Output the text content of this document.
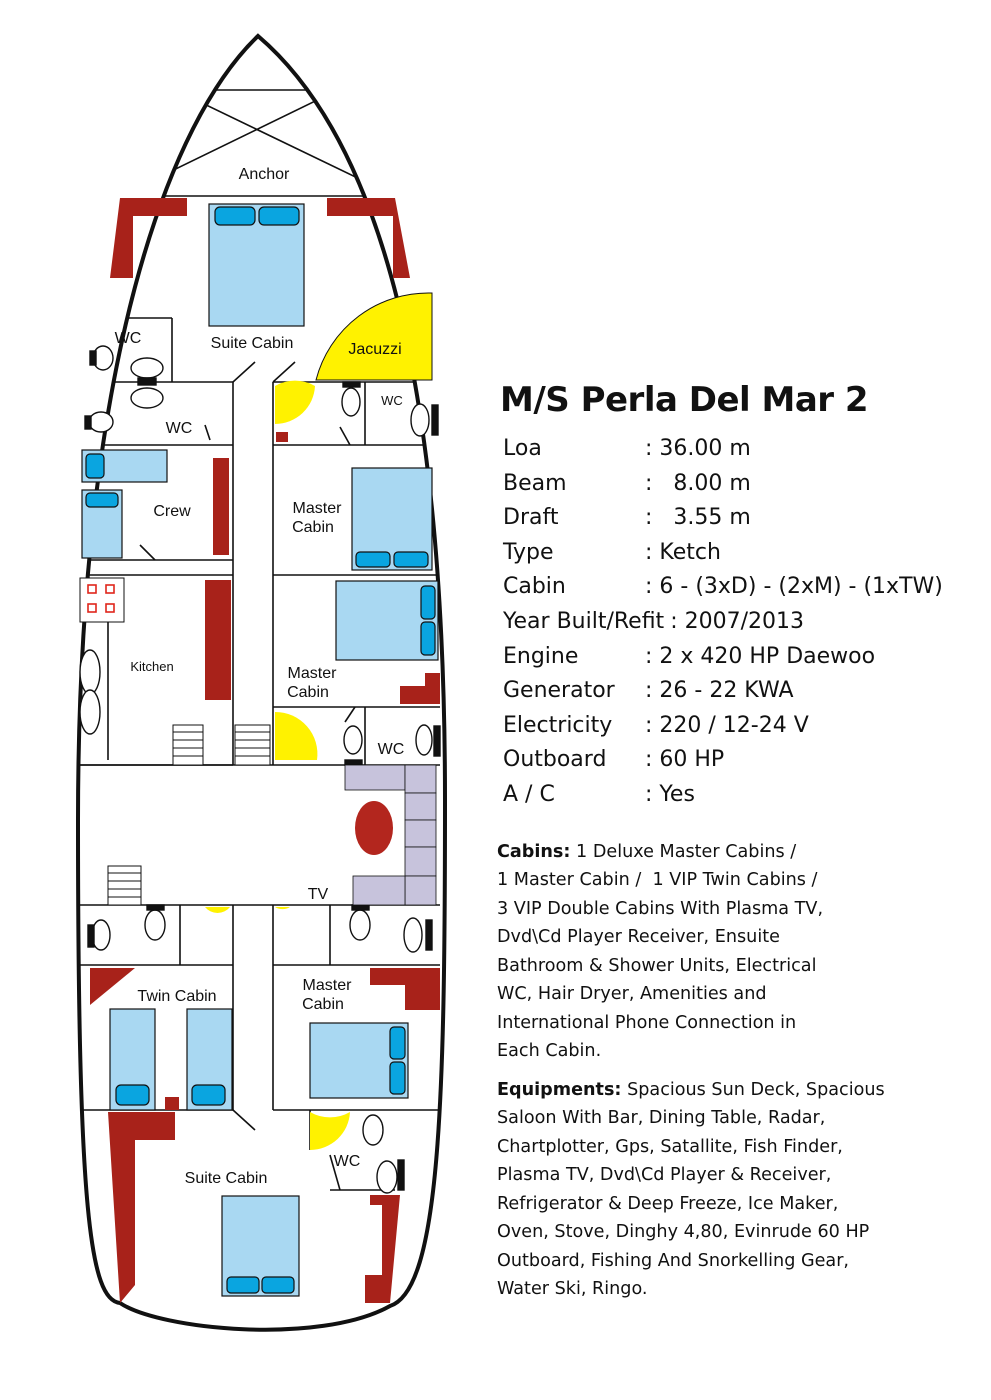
Anchor
Suite Cabin	Jacuzzi
WC
WC
WC
Crew	Master
Cabin
Kitchen	Master
Cabin
WC
TV
Twin Cabin
Master
Cabin
WC
Suite Cabin
M/S Perla Del Mar 2
Loa	: 36.00 m
Beam	:   8.00 m
Draft	:   3.55 m
Type	: Ketch
Cabin	: 6 - (3xD) - (2xM) - (1xTW)
Year Built/Refit : 2007/2013
Engine	: 2 x 420 HP Daewoo
Generator	: 26 - 22 KWA
Electricity	: 220 / 12-24 V
Outboard	: 60 HP
A / C	: Yes
Cabins: 1 Deluxe Master Cabins /
1 Master Cabin /  1 VIP Twin Cabins /
3 VIP Double Cabins With Plasma TV,
Dvd\Cd Player Receiver, Ensuite
Bathroom & Shower Units, Electrical
WC, Hair Dryer, Amenities and
International Phone Connection in
Each Cabin.
Equipments: Spacious Sun Deck, Spacious
Saloon With Bar, Dining Table, Radar,
Chartplotter, Gps, Satallite, Fish Finder,
Plasma TV, Dvd\Cd Player & Receiver,
Refrigerator & Deep Freeze, Ice Maker,
Oven, Stove, Dinghy 4,80, Evinrude 60 HP
Outboard, Fishing And Snorkelling Gear,
Water Ski, Ringo.
